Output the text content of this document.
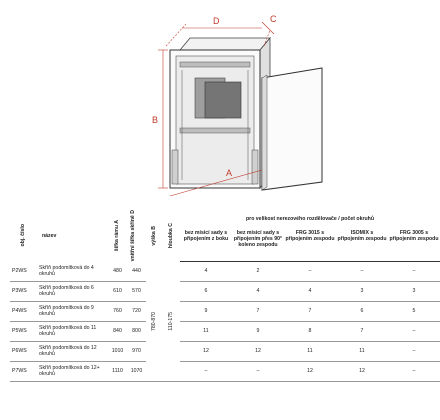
D	C
B
A
obj. číslo	název	šířka rámu A	vnitřní šířka skříně D	výška B	hloubka C	pro velikost nerezového rozdělovače / počet okruhů				
						bez mísicí sady s připojením z boku	bez mísicí sady s připojením přes 90° koleno zespodu	FRG 3015 s připojením zespodu	ISOMIX s připojením zespodu	FRG 3005 s připojením zespodu
P2WS	Skříň podomítková do 4 okruhů	480	440	780-870	110-175	4	2	–	–	–
P3WS	Skříň podomítková do 6 okruhů	610	570			6	4	4	3	3
P4WS	Skříň podomítková do 9 okruhů	760	720			9	7	7	6	5
P5WS	Skříň podomítková do 11 okruhů	840	800			11	9	8	7	–
P6WS	Skříň podomítková do 12 okruhů	1010	970			12	12	11	11	–
P7WS	Skříň podomítková do 12+ okruhů	1110	1070			–	–	12	12	–
